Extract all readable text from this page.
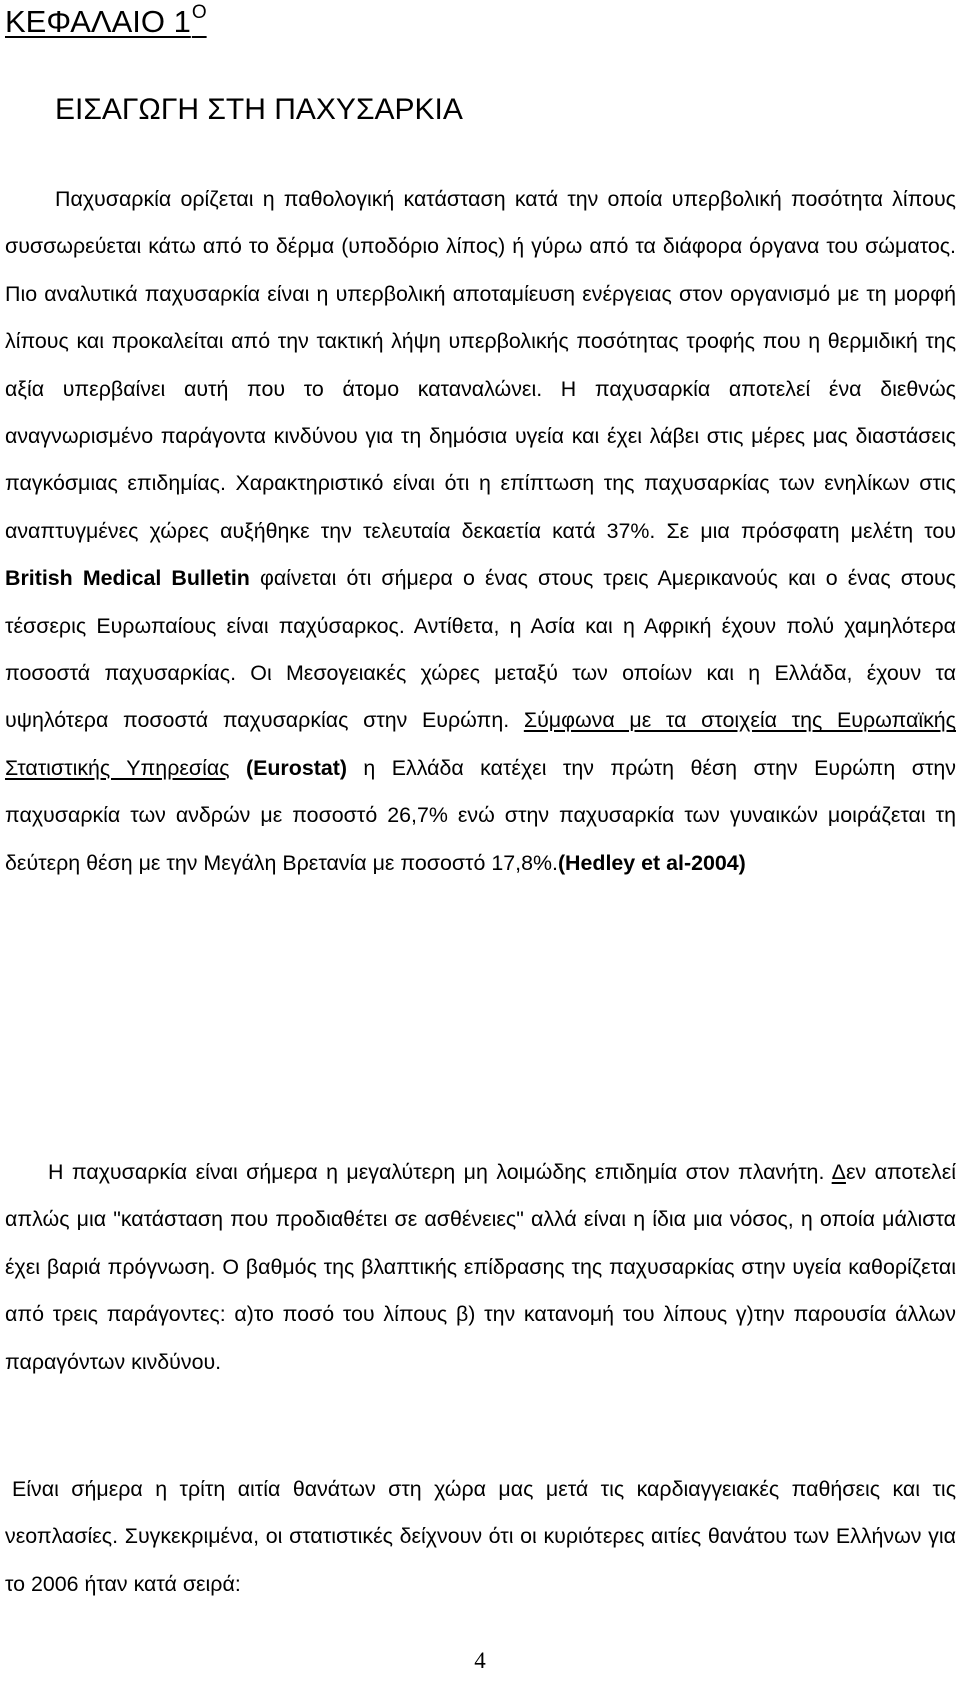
ΚΕΦΑΛΑΙΟ $1^O$
ΕΙΣΑΓΩΓΗ ΣΤΗ ΠΑΧΥΣΑΡΚΙΑ

Παχυσαρκία ορίζεται η παθολογική κατάσταση κατά την οποία υπερβολική ποσότητα λίπους συσσωρεύεται κάτω από το δέρμα (υποδόριο λίπος) ή γύρω από τα διάφορα όργανα του σώματος. Πιο αναλυτικά παχυσαρκία είναι η υπερβολική αποταμίευση ενέργειας στον οργανισμό με τη μορφή λίπους και προκαλείται από την τακτική λήψη υπερβολικής ποσότητας τροφής που η θερμιδική της αξία υπερβαίνει αυτή που το άτομο καταναλώνει. Η παχυσαρκία αποτελεί ένα διεθνώς αναγνωρισμένο παράγοντα κινδύνου για τη δημόσια υγεία και έχει λάβει στις μέρες μας διαστάσεις παγκόσμιας επιδημίας. Χαρακτηριστικό είναι ότι η επίπτωση της παχυσαρκίας των ενηλίκων στις αναπτυγμένες χώρες αυξήθηκε την τελευταία δεκαετία κατά 37%. Σε μια πρόσφατη μελέτη του British Medical Bulletin φαίνεται ότι σήμερα ο ένας στους τρεις Αμερικανούς και ο ένας στους τέσσερις Ευρωπαίους είναι παχύσαρκος. Αντίθετα, η Ασία και η Αφρική έχουν πολύ χαμηλότερα ποσοστά παχυσαρκίας. Οι Μεσογειακές χώρες μεταξύ των οποίων και η Ελλάδα, έχουν τα υψηλότερα ποσοστά παχυσαρκίας στην Ευρώπη. Σύμφωνα με τα στοιχεία της Ευρωπαϊκής Στατιστικής Υπηρεσίας (Eurostat) η Ελλάδα κατέχει την πρώτη θέση στην Ευρώπη στην παχυσαρκία των ανδρών με ποσοστό 26,7% ενώ στην παχυσαρκία των γυναικών μοιράζεται τη δεύτερη θέση με την Μεγάλη Βρετανία με ποσοστό 17,8%.(Hedley et al-2004)

Η παχυσαρκία είναι σήμερα η μεγαλύτερη μη λοιμώδης επιδημία στον πλανήτη. Δεν αποτελεί απλώς μια "κατάσταση που προδιαθέτει σε ασθένειες" αλλά είναι η ίδια μια νόσος, η οποία μάλιστα έχει βαριά πρόγνωση. Ο βαθμός της βλαπτικής επίδρασης της παχυσαρκίας στην υγεία καθορίζεται από τρεις παράγοντες: α)το ποσό του λίπους β) την κατανομή του λίπους γ)την παρουσία άλλων παραγόντων κινδύνου.

Είναι σήμερα η τρίτη αιτία θανάτων στη χώρα μας μετά τις καρδιαγγειακές παθήσεις και τις νεοπλασίες. Συγκεκριμένα, οι στατιστικές δείχνουν ότι οι κυριότερες αιτίες θανάτου των Ελλήνων για το 2006 ήταν κατά σειρά:

4
